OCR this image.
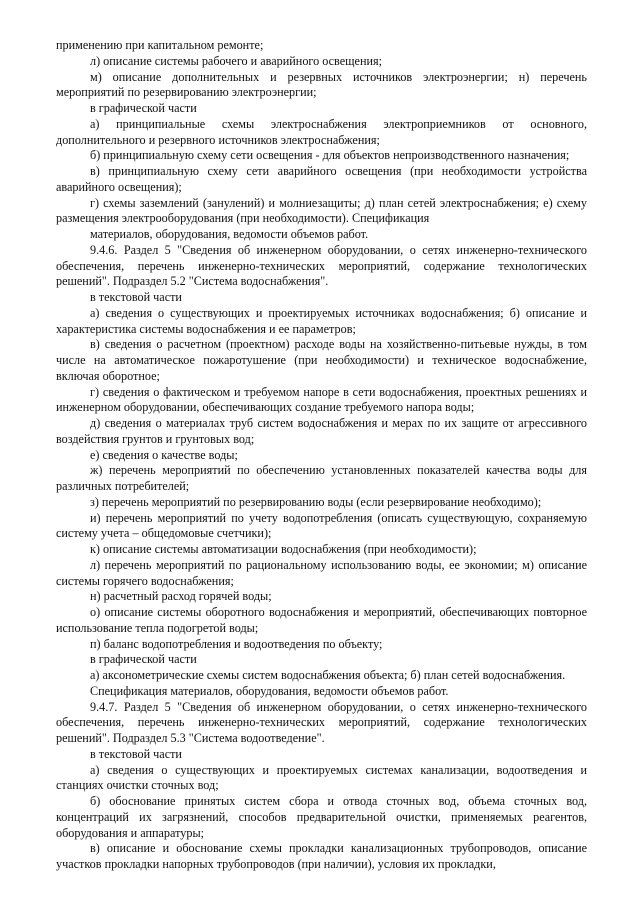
применению при капитальном ремонте;

л) описание системы рабочего и аварийного освещения;

м) описание дополнительных и резервных источников электроэнергии; н) перечень мероприятий по резервированию электроэнергии;

в графической части

а) принципиальные схемы электроснабжения электроприемников от основного, дополнительного и резервного источников электроснабжения;

б) принципиальную схему сети освещения - для объектов непроизводственного назначения;

в) принципиальную схему сети аварийного освещения (при необходимости устройства аварийного освещения);

г) схемы заземлений (занулений) и молниезащиты; д) план сетей электроснабжения; е) схему размещения электрооборудования (при необходимости). Спецификация

материалов, оборудования, ведомости объемов работ.

9.4.6. Раздел 5 "Сведения об инженерном оборудовании, о сетях инженерно-технического обеспечения, перечень инженерно-технических мероприятий, содержание технологических решений". Подраздел 5.2 "Система водоснабжения".

в текстовой части

а) сведения о существующих и проектируемых источниках водоснабжения; б) описание и характеристика системы водоснабжения и ее параметров;

в) сведения о расчетном (проектном) расходе воды на хозяйственно-питьевые нужды, в том числе на автоматическое пожаротушение (при необходимости) и техническое водоснабжение, включая оборотное;

г) сведения о фактическом и требуемом напоре в сети водоснабжения, проектных решениях и инженерном оборудовании, обеспечивающих создание требуемого напора воды;

д) сведения о материалах труб систем водоснабжения и мерах по их защите от агрессивного воздействия грунтов и грунтовых вод;

е) сведения о качестве воды;

ж) перечень мероприятий по обеспечению установленных показателей качества воды для различных потребителей;

з) перечень мероприятий по резервированию воды (если резервирование необходимо);

и) перечень мероприятий по учету водопотребления (описать существующую, сохраняемую систему учета – общедомовые счетчики);

к) описание системы автоматизации водоснабжения (при необходимости);

л) перечень мероприятий по рациональному использованию воды, ее экономии; м) описание системы горячего водоснабжения;

н) расчетный расход горячей воды;

о) описание системы оборотного водоснабжения и мероприятий, обеспечивающих повторное использование тепла подогретой воды;

п) баланс водопотребления и водоотведения по объекту;

в графической части

а) аксонометрические схемы систем водоснабжения объекта; б) план сетей водоснабжения.

Спецификация материалов, оборудования, ведомости объемов работ.

9.4.7. Раздел 5 "Сведения об инженерном оборудовании, о сетях инженерно-технического обеспечения, перечень инженерно-технических мероприятий, содержание технологических решений". Подраздел 5.3 "Система водоотведение".

в текстовой части

а) сведения о существующих и проектируемых системах канализации, водоотведения и станциях очистки сточных вод;

б) обоснование принятых систем сбора и отвода сточных вод, объема сточных вод, концентраций их загрязнений, способов предварительной очистки, применяемых реагентов, оборудования и аппаратуры;

в) описание и обоснование схемы прокладки канализационных трубопроводов, описание участков прокладки напорных трубопроводов (при наличии), условия их прокладки,
